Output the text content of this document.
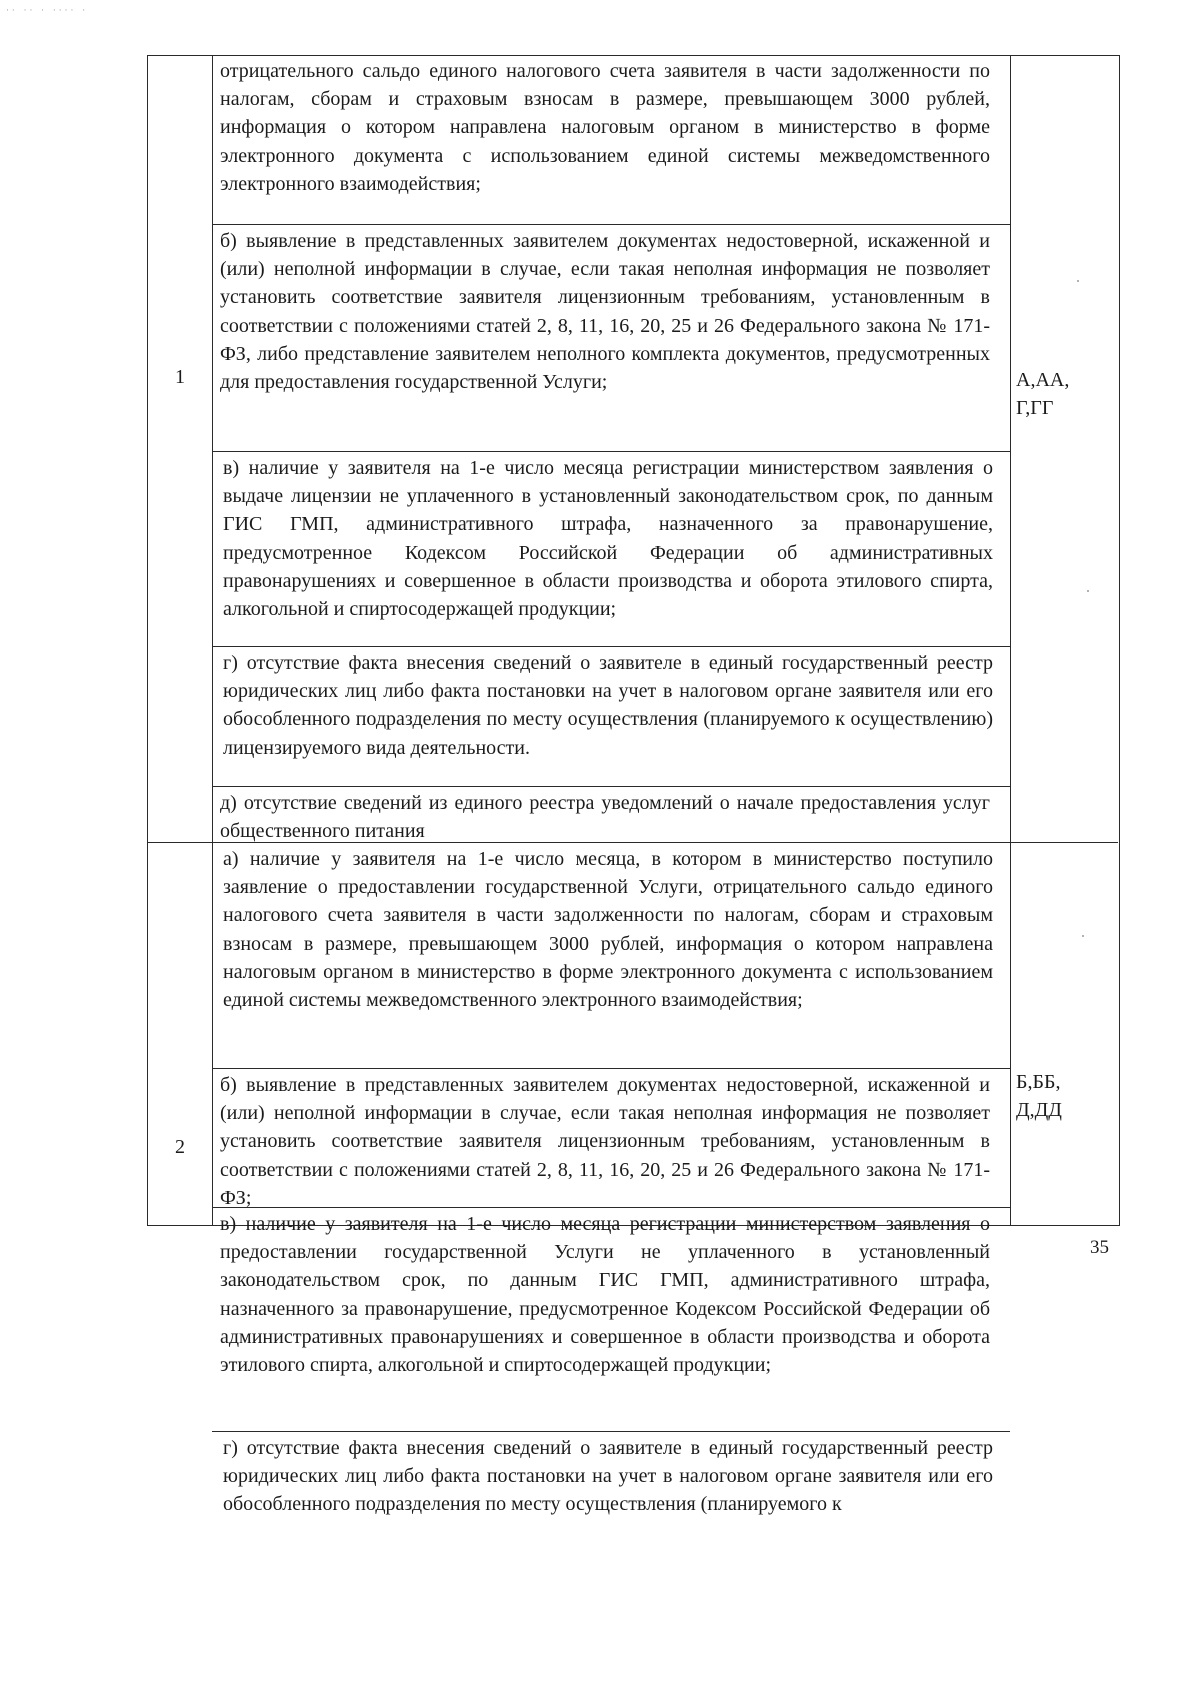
·· ·· · ···· ·
1	А,АА,
Г,ГГ

отрицательного сальдо единого налогового счета заявителя в части задолженности по налогам, сборам и страховым взносам в размере, превышающем 3000 рублей, информация о котором направлена налоговым органом в министерство в форме электронного документа с использованием единой системы межведомственного электронного взаимодействия;

б) выявление в представленных заявителем документах недостоверной, искаженной и (или) неполной информации в случае, если такая неполная информация не позволяет установить соответствие заявителя лицензионным требованиям, установленным в соответствии с положениями статей 2, 8, 11, 16, 20, 25 и 26 Федерального закона № 171-ФЗ, либо представление заявителем неполного комплекта документов, предусмотренных для предоставления государственной Услуги;

в) наличие у заявителя на 1-е число месяца регистрации министерством заявления о выдаче лицензии не уплаченного в установленный законодательством срок, по данным ГИС ГМП, административного штрафа, назначенного за правонарушение, предусмотренное Кодексом Российской Федерации об административных правонарушениях и совершенное в области производства и оборота этилового спирта, алкогольной и спиртосодержащей продукции;

г) отсутствие факта внесения сведений о заявителе в единый государственный реестр юридических лиц либо факта постановки на учет в налоговом органе заявителя или его обособленного подразделения по месту осуществления (планируемого к осуществлению) лицензируемого вида деятельности.

д) отсутствие сведений из единого реестра уведомлений о начале предоставления услуг общественного питания

2
Б,ББ,
Д,ДД

а) наличие у заявителя на 1-е число месяца, в котором в министерство поступило заявление о предоставлении государственной Услуги, отрицательного сальдо единого налогового счета заявителя в части задолженности по налогам, сборам и страховым взносам в размере, превышающем 3000 рублей, информация о котором направлена налоговым органом в министерство в форме электронного документа с использованием единой системы межведомственного электронного взаимодействия;

б) выявление в представленных заявителем документах недостоверной, искаженной и (или) неполной информации в случае, если такая неполная информация не позволяет установить соответствие заявителя лицензионным требованиям, установленным в соответствии с положениями статей 2, 8, 11, 16, 20, 25 и 26 Федерального закона № 171-ФЗ;

в) наличие у заявителя на 1-е число месяца регистрации министерством заявления о предоставлении государственной Услуги не уплаченного в установленный законодательством срок, по данным ГИС ГМП, административного штрафа, назначенного за правонарушение, предусмотренное Кодексом Российской Федерации об административных правонарушениях и совершенное в области производства и оборота этилового спирта, алкогольной и спиртосодержащей продукции;

г) отсутствие факта внесения сведений о заявителе в единый государственный реестр юридических лиц либо факта постановки на учет в налоговом органе заявителя или его обособленного подразделения по месту осуществления (планируемого к

35
